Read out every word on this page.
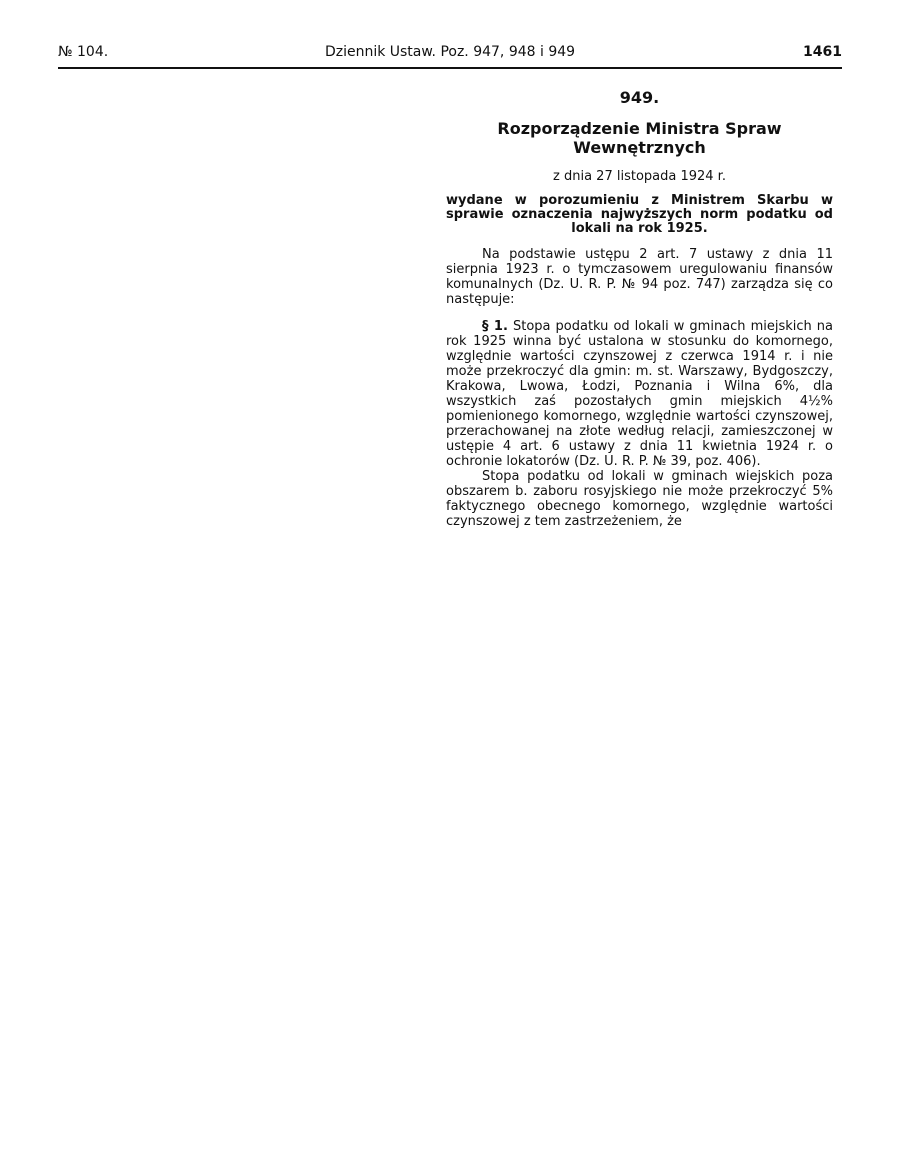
№ 104.	Dziennik Ustaw. Poz. 947, 948 i 949	1461
949.
Rozporządzenie Ministra Spraw Wewnętrznych
z dnia 27 listopada 1924 r.
wydane w porozumieniu z Ministrem Skarbu w sprawie oznaczenia najwyższych norm podatku od lokali na rok 1925.

Na podstawie ustępu 2 art. 7 ustawy z dnia 11 sierpnia 1923 r. o tymczasowem uregulowaniu finansów komunalnych (Dz. U. R. P. № 94 poz. 747) zarządza się co następuje:

§ 1. Stopa podatku od lokali w gminach miejskich na rok 1925 winna być ustalona w stosunku do komornego, względnie wartości czynszowej z czerwca 1914 r. i nie może przekroczyć dla gmin: m. st. Warszawy, Bydgoszczy, Krakowa, Lwowa, Łodzi, Poznania i Wilna 6%, dla wszystkich zaś pozostałych gmin miejskich 4½% pomienionego komornego, względnie wartości czynszowej, przerachowanej na złote według relacji, zamieszczonej w ustępie 4 art. 6 ustawy z dnia 11 kwietnia 1924 r. o ochronie lokatorów (Dz. U. R. P. № 39, poz. 406).

Stopa podatku od lokali w gminach wiejskich poza obszarem b. zaboru rosyjskiego nie może przekroczyć 5% faktycznego obecnego komornego, względnie wartości czynszowej z tem zastrzeżeniem, że
